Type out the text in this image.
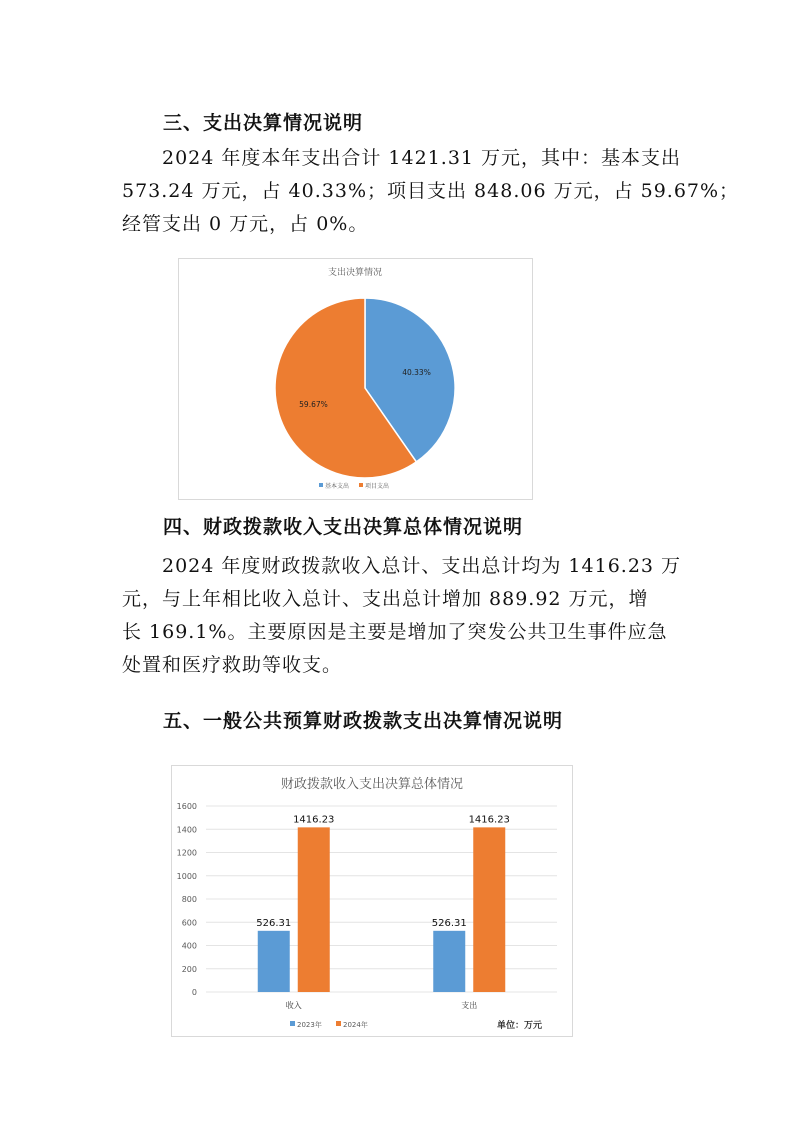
三、支出决算情况说明

2024 年度本年支出合计 1421.31 万元，其中：基本支出
573.24 万元，占 40.33%；项目支出 848.06 万元，占 59.67%；
经管支出 0 万元，占 0%。

支出决算情况
40.33%
59.67%
基本支出	项目支出
四、财政拨款收入支出决算总体情况说明

2024 年度财政拨款收入总计、支出总计均为 1416.23 万
元，与上年相比收入总计、支出总计增加 889.92 万元，增
长 169.1%。主要原因是主要是增加了突发公共卫生事件应急
处置和医疗救助等收支。

五、一般公共预算财政拨款支出决算情况说明
财政拨款收入支出决算总体情况
单位：万元
0
200
400
600
800
1000
1200
1400
1600
收入
526.31
1416.23
支出
526.31
1416.23
2023年	2024年
